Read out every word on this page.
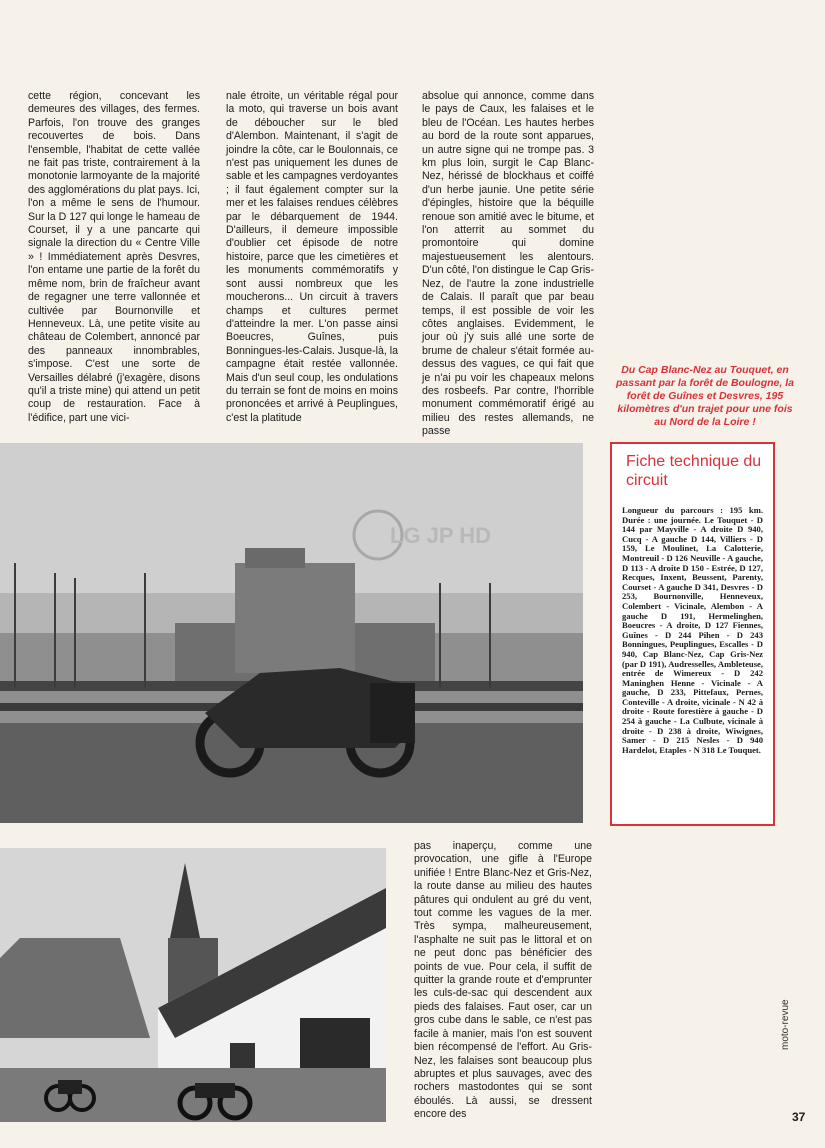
cette région, concevant les demeures des villages, des fermes. Parfois, l'on trouve des granges recouvertes de bois. Dans l'ensemble, l'habitat de cette vallée ne fait pas triste, contrairement à la monotonie larmoyante de la majorité des agglomérations du plat pays. Ici, l'on a même le sens de l'humour. Sur la D 127 qui longe le hameau de Courset, il y a une pancarte qui signale la direction du « Centre Ville » ! Immédiatement après Desvres, l'on entame une partie de la forêt du même nom, brin de fraîcheur avant de regagner une terre vallonnée et cultivée par Bournonville et Henneveux. Là, une petite visite au château de Colembert, annoncé par des panneaux innombrables, s'impose. C'est une sorte de Versailles délabré (j'exagère, disons qu'il a triste mine) qui attend un petit coup de restauration. Face à l'édifice, part une vici-

nale étroite, un véritable régal pour la moto, qui traverse un bois avant de déboucher sur le bled d'Alembon. Maintenant, il s'agit de joindre la côte, car le Boulonnais, ce n'est pas uniquement les dunes de sable et les campagnes verdoyantes ; il faut également compter sur la mer et les falaises rendues célèbres par le débarquement de 1944. D'ailleurs, il demeure impossible d'oublier cet épisode de notre histoire, parce que les cimetières et les monuments commémoratifs y sont aussi nombreux que les moucherons... Un circuit à travers champs et cultures permet d'atteindre la mer. L'on passe ainsi Boeucres, Guînes, puis Bonningues-les-Calais. Jusque-là, la campagne était restée vallonnée. Mais d'un seul coup, les ondulations du terrain se font de moins en moins prononcées et arrivé à Peuplingues, c'est la platitude

absolue qui annonce, comme dans le pays de Caux, les falaises et le bleu de l'Océan. Les hautes herbes au bord de la route sont apparues, un autre signe qui ne trompe pas. 3 km plus loin, surgit le Cap Blanc-Nez, hérissé de blockhaus et coiffé d'un herbe jaunie. Une petite série d'épingles, histoire que la béquille renoue son amitié avec le bitume, et l'on atterrit au sommet du promontoire qui domine majestueusement les alentours. D'un côté, l'on distingue le Cap Gris-Nez, de l'autre la zone industrielle de Calais. Il paraît que par beau temps, il est possible de voir les côtes anglaises. Evidemment, le jour où j'y suis allé une sorte de brume de chaleur s'était formée au-dessus des vagues, ce qui fait que je n'ai pu voir les chapeaux melons des rosbeefs. Par contre, l'horrible monument commémoratif érigé au milieu des restes allemands, ne passe

Du Cap Blanc-Nez au Touquet, en passant par la forêt de Boulogne, la forêt de Guînes et Desvres, 195 kilomètres d'un trajet pour une fois au Nord de la Loire !
LG JP HD
Fiche technique du circuit

Longueur du parcours : 195 km. Durée : une journée. Le Touquet - D 144 par Mayville - A droite D 940, Cucq - A gauche D 144, Villiers - D 159, Le Moulinet, La Calotterie, Montreuil - D 126 Neuville - A gauche, D 113 - A droite D 150 - Estrée, D 127, Recques, Inxent, Beussent, Parenty, Courset - A gauche D 341, Desvres - D 253, Bournonville, Henneveux, Colembert - Vicinale, Alembon - A gauche D 191, Hermelinghen, Boeucres - A droite, D 127 Fiennes, Guînes - D 244 Pihen - D 243 Bonningues, Peuplingues, Escalles - D 940, Cap Blanc-Nez, Cap Gris-Nez (par D 191), Audresselles, Ambleteuse, entrée de Wimereux - D 242 Maninghen Henne - Vicinale - A gauche, D 233, Pittefaux, Pernes, Conteville - A droite, vicinale - N 42 à droite - Route forestière à gauche - D 254 à gauche - La Culbute, vicinale à droite - D 238 à droite, Wiwignes, Samer - D 215 Nesles - D 940 Hardelot, Etaples - N 318 Le Touquet.

pas inaperçu, comme une provocation, une gifle à l'Europe unifiée ! Entre Blanc-Nez et Gris-Nez, la route danse au milieu des hautes pâtures qui ondulent au gré du vent, tout comme les vagues de la mer. Très sympa, malheureusement, l'asphalte ne suit pas le littoral et on ne peut donc pas bénéficier des points de vue. Pour cela, il suffit de quitter la grande route et d'emprunter les culs-de-sac qui descendent aux pieds des falaises. Faut oser, car un gros cube dans le sable, ce n'est pas facile à manier, mais l'on est souvent bien récompensé de l'effort. Au Gris-Nez, les falaises sont beaucoup plus abruptes et plus sauvages, avec des rochers mastodontes qui se sont éboulés. Là aussi, se dressent encore des

moto-revue
37
